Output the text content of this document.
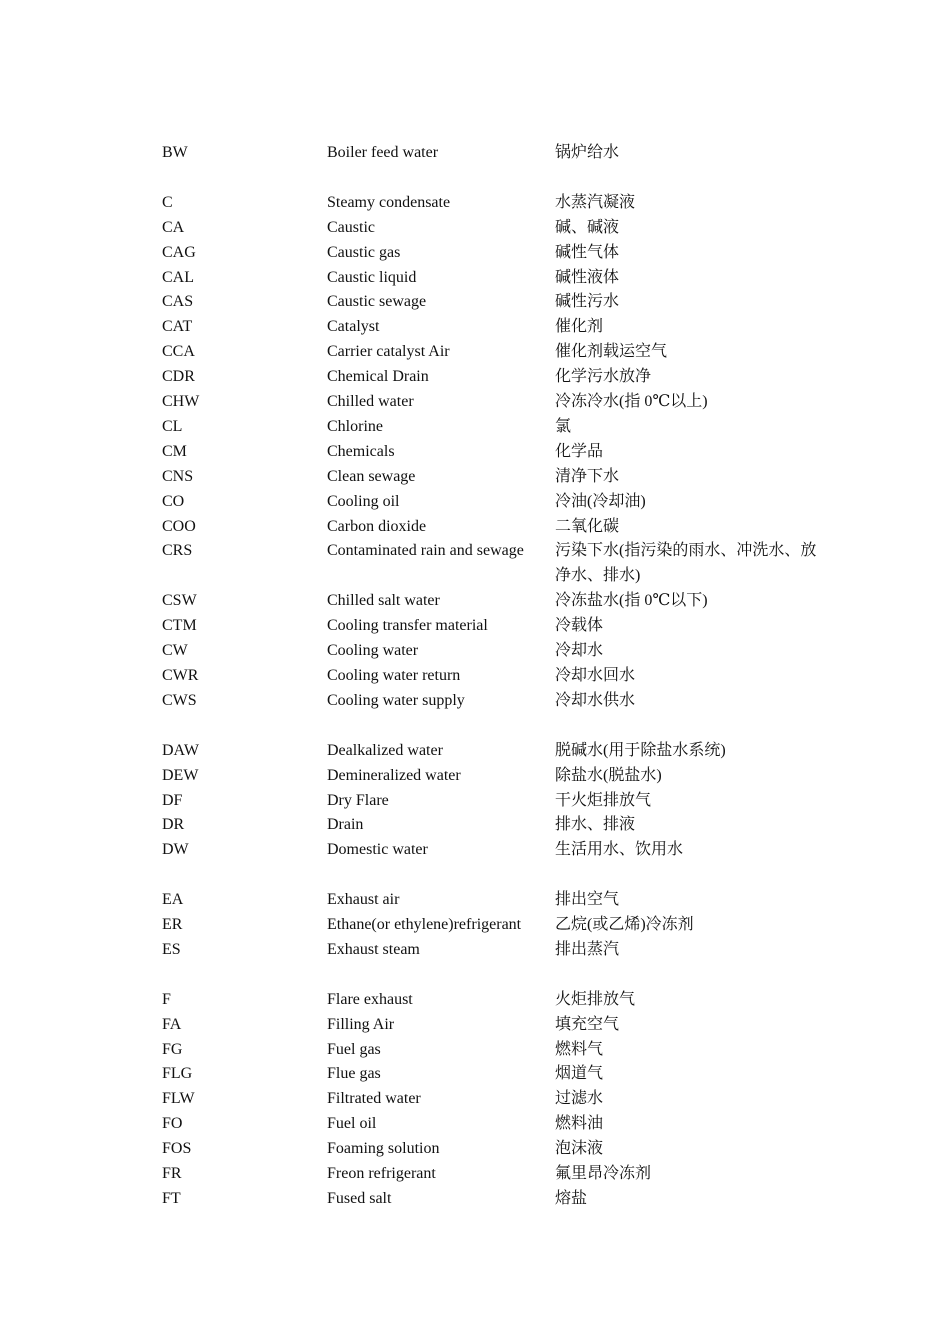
BW	Boiler feed water	锅炉给水
C	Steamy condensate	水蒸汽凝液
CA	Caustic	碱、碱液
CAG	Caustic gas	碱性气体
CAL	Caustic liquid	碱性液体
CAS	Caustic sewage	碱性污水
CAT	Catalyst	催化剂
CCA	Carrier catalyst Air	催化剂载运空气
CDR	Chemical Drain	化学污水放净
CHW	Chilled water	冷冻冷水(指 0℃以上)
CL	Chlorine	氯
CM	Chemicals	化学品
CNS	Clean sewage	清净下水
CO	Cooling oil	冷油(冷却油)
COO	Carbon dioxide	二氧化碳
CRS	Contaminated rain and sewage	污染下水(指污染的雨水、冲洗水、放净水、排水)
CSW	Chilled salt water	冷冻盐水(指 0℃以下)
CTM	Cooling transfer material	冷载体
CW	Cooling water	冷却水
CWR	Cooling water return	冷却水回水
CWS	Cooling water supply	冷却水供水
DAW	Dealkalized water	脱碱水(用于除盐水系统)
DEW	Demineralized water	除盐水(脱盐水)
DF	Dry Flare	干火炬排放气
DR	Drain	排水、排液
DW	Domestic water	生活用水、饮用水
EA	Exhaust air	排出空气
ER	Ethane(or ethylene)refrigerant	乙烷(或乙烯)冷冻剂
ES	Exhaust steam	排出蒸汽
F	Flare exhaust	火炬排放气
FA	Filling Air	填充空气
FG	Fuel gas	燃料气
FLG	Flue gas	烟道气
FLW	Filtrated water	过滤水
FO	Fuel oil	燃料油
FOS	Foaming solution	泡沫液
FR	Freon refrigerant	氟里昂冷冻剂
FT	Fused salt	熔盐
